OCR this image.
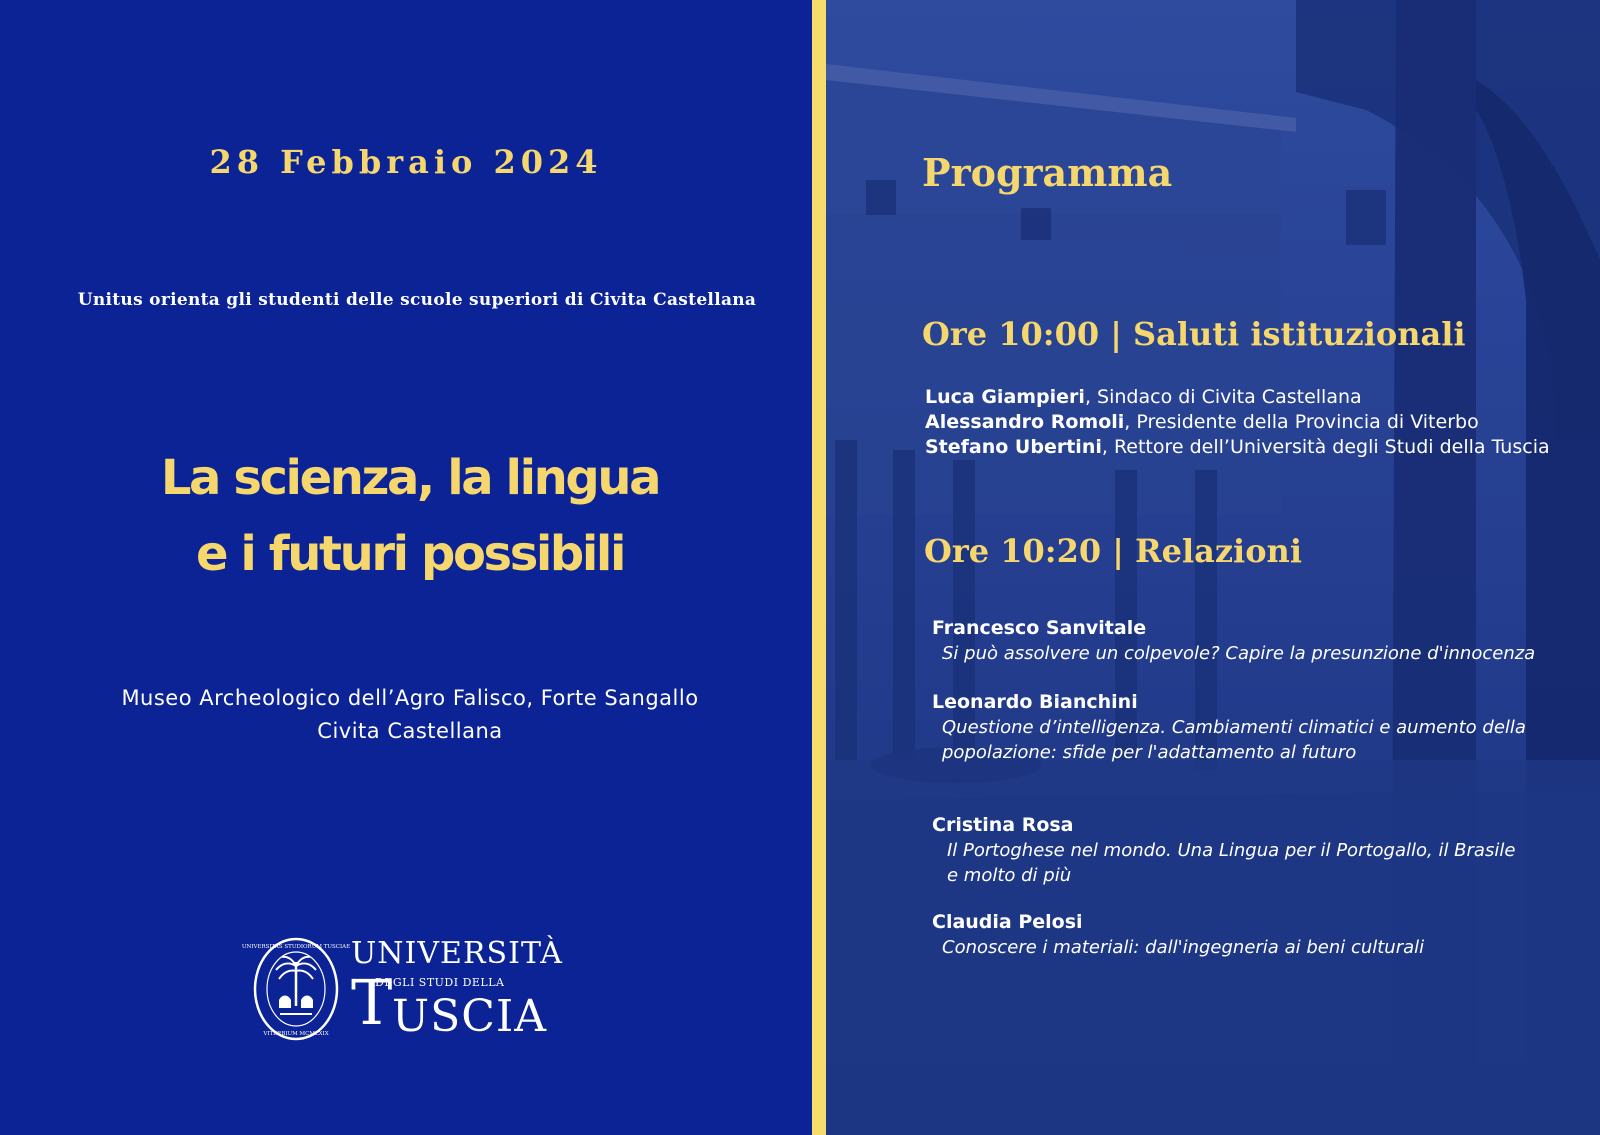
28 Febbraio 2024
Unitus orienta gli studenti delle scuole superiori di Civita Castellana
La scienza, la lingua
e i futuri possibili
Museo Archeologico dell’Agro Falisco, Forte Sangallo
Civita Castellana
UNIVERSITAS STUDIORUM TUSCIAE
VITERBIUM MCMLXIX
UNIVERSITÀ
DEGLI STUDI DELLA
T USCIA
Programma
Ore 10:00 | Saluti istituzionali
Luca Giampieri, Sindaco di Civita Castellana
Alessandro Romoli, Presidente della Provincia di Viterbo
Stefano Ubertini, Rettore dell’Università degli Studi della Tuscia
Ore 10:20 | Relazioni
Francesco Sanvitale
Si può assolvere un colpevole? Capire la presunzione d'innocenza
Leonardo Bianchini
Questione d’intelligenza. Cambiamenti climatici e aumento della
popolazione: sfide per l'adattamento al futuro
Cristina Rosa
Il Portoghese nel mondo. Una Lingua per il Portogallo, il Brasile
e molto di più
Claudia Pelosi
Conoscere i materiali: dall'ingegneria ai beni culturali
